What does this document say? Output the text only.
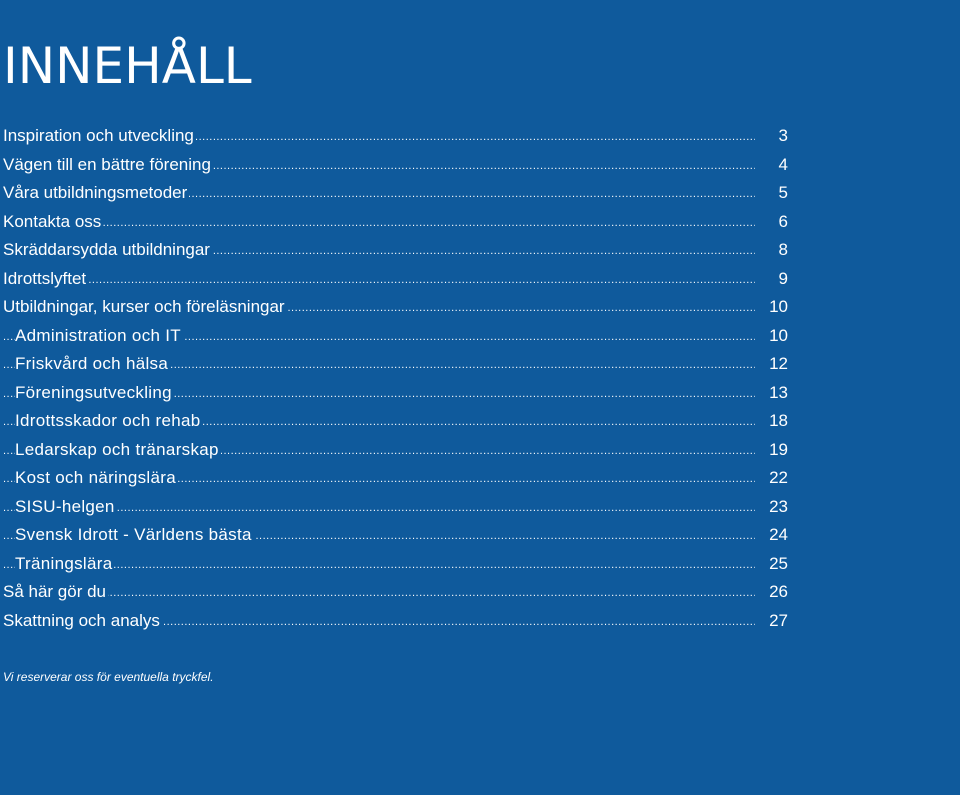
INNEHÅLL
.....
Inspiration och utveckling	3
.....
Vägen till en bättre förening	4
.....
Våra utbildningsmetoder	5
.....
Kontakta oss	6
.....
Skräddarsydda utbildningar	8
.....
Idrottslyftet	9
.....
Utbildningar, kurser och föreläsningar	10
.....
Administration och IT	10
.....
Friskvård och hälsa	12
.....
Föreningsutveckling	13
.....
Idrottsskador och rehab	18
.....
Ledarskap och tränarskap	19
.....
Kost och näringslära	22
.....
SISU-helgen	23
.....
Svensk Idrott - Världens bästa	24
.....
Träningslära	25
.....
Så här gör du	26
.....
Skattning och analys	27

Vi reserverar oss för eventuella tryckfel.
